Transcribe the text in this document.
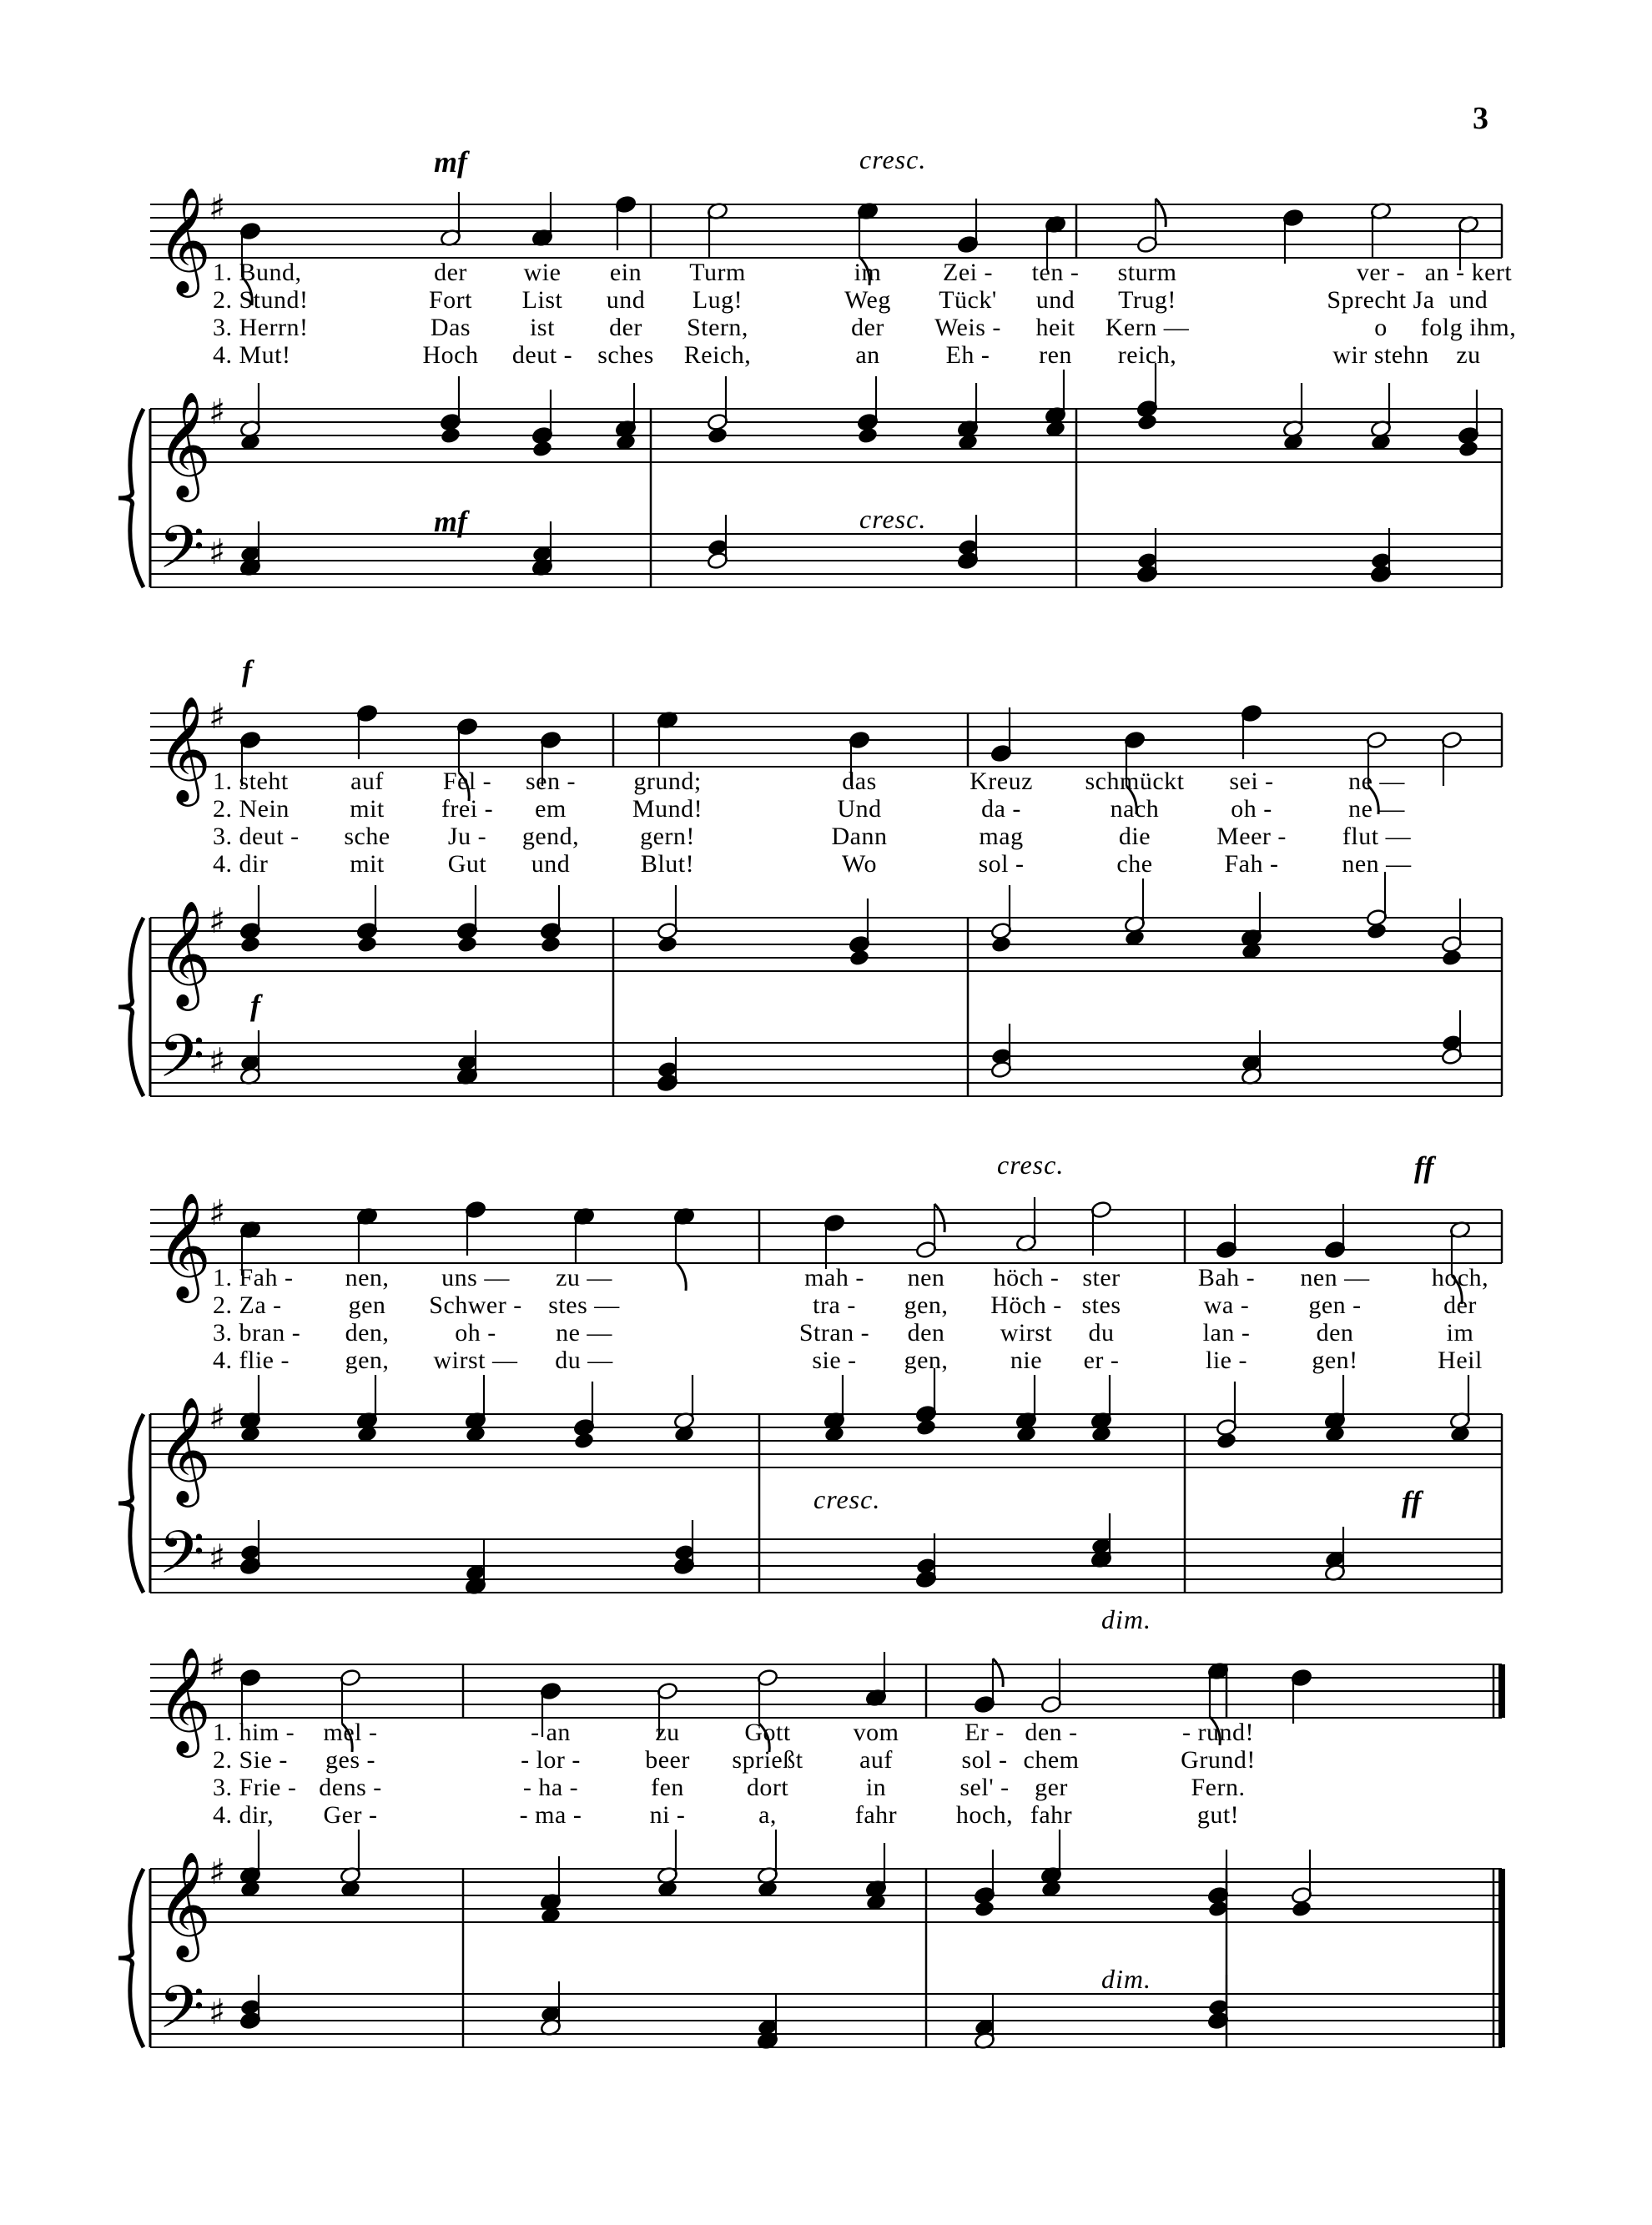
3
𝄞
♯
𝄞
♯
𝄢 ♯
mf	cresc.
mf	cresc.
1. Bund,	der wie ein Turm	im Zei - ten - sturm	ver - an - kert
2. Stund!	Fort List und Lug!	Weg Tück' und Trug!	Sprecht Ja und
3. Herrn!	Das ist der Stern,	der Weis - heit Kern —	o folg ihm,
4. Mut!	Hoch deut - sches Reich,	an	Eh - ren reich,	wir stehn zu
𝄞
♯
𝄞
♯
𝄢 ♯
f
f
1. steht auf Fel - sen - grund;	das	Kreuz schmückt sei -	ne —
2. Nein mit frei - em	Mund!	Und	da -	nach	oh -	ne —
3. deut - sche Ju - gend, gern!	Dann	mag	die	Meer - flut —
4. dir	mit	Gut und	Blut!	Wo	sol -	che	Fah -	nen —
𝄞
♯
𝄞
♯
𝄢 ♯
cresc.	ff
cresc.	ff
1. Fah - nen, uns — zu —	mah - nen höch - ster	Bah - nen — hoch,
2. Za -	gen Schwer - stes —	tra - gen, Höch - stes	wa - gen -	der
3. bran - den,	oh - ne —	Stran - den wirst du	lan -	den	im
4. flie - gen, wirst — du —	sie - gen, nie er -	lie -	gen!	Heil
𝄞
♯
𝄞
♯
𝄢 ♯
dim.
dim.
1. him - mel -	- an	zu	Gott vom	Er - den -	- rund!
2. Sie - ges -	- lor -	beer sprießt auf	sol - chem	Grund!
3. Frie - dens -	- ha -	fen dort	in	sel' - ger	Fern.
4. dir, Ger -	- ma -	ni -	a,	fahr hoch, fahr	gut!
